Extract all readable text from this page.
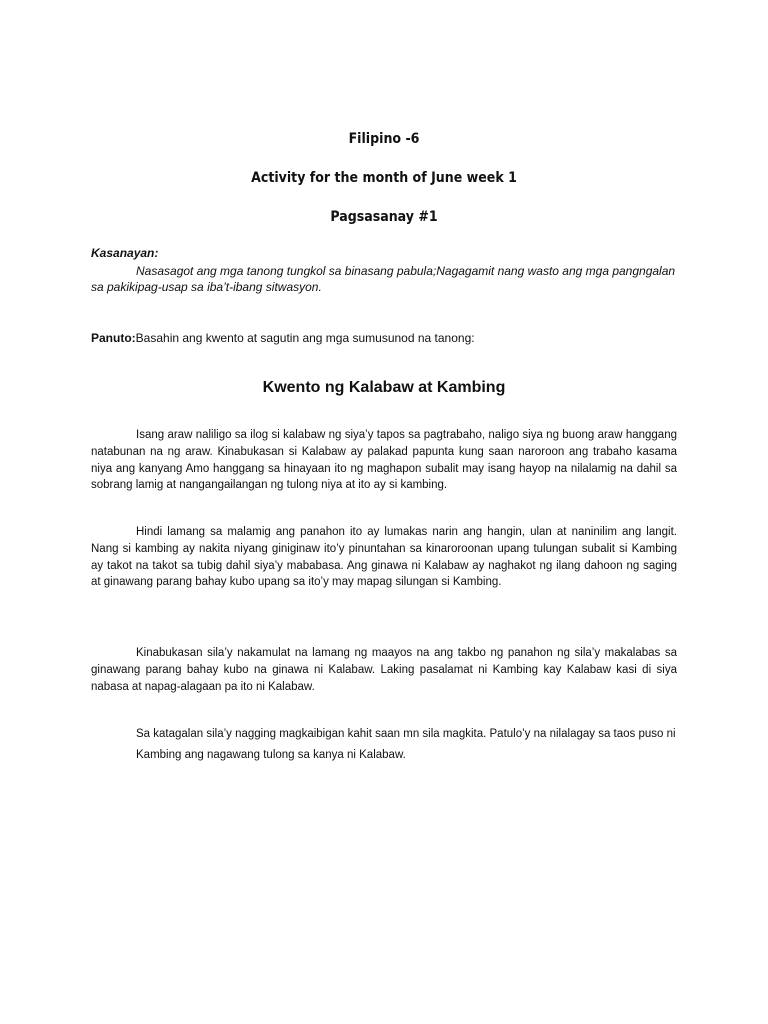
Filipino -6
Activity for the month of June week 1
Pagsasanay #1
Kasanayan:
Nasasagot ang mga tanong tungkol sa binasang pabula;Nagagamit nang wasto ang mga pangngalan sa pakikipag-usap sa iba’t-ibang sitwasyon.
Panuto:Basahin ang kwento at sagutin ang mga sumusunod na tanong:
Kwento ng Kalabaw at Kambing

Isang araw naliligo sa ilog si kalabaw ng siya’y tapos sa pagtrabaho, naligo siya ng buong araw hanggang natabunan na ng araw. Kinabukasan si Kalabaw ay palakad papunta kung saan naroroon ang trabaho kasama niya ang kanyang Amo hanggang sa hinayaan ito ng maghapon subalit may isang hayop na nilalamig na dahil sa sobrang lamig at nangangailangan ng tulong niya at ito ay si kambing.

Hindi lamang sa malamig ang panahon ito ay lumakas narin ang hangin, ulan at naninilim ang langit. Nang si kambing ay nakita niyang giniginaw ito’y pinuntahan sa kinaroroonan upang tulungan subalit si Kambing ay takot na takot sa tubig dahil siya’y mababasa. Ang ginawa ni Kalabaw ay naghakot ng ilang dahoon ng saging at ginawang parang bahay kubo upang sa ito’y may mapag silungan si Kambing.

Kinabukasan sila’y nakamulat na lamang ng maayos na ang takbo ng panahon ng sila’y makalabas sa ginawang parang bahay kubo na ginawa ni Kalabaw. Laking pasalamat ni Kambing kay Kalabaw kasi di siya nabasa at napag-alagaan pa ito ni Kalabaw.

Sa katagalan sila’y nagging magkaibigan kahit saan mn sila magkita. Patulo’y na nilalagay sa taos puso ni Kambing ang nagawang tulong sa kanya ni Kalabaw.
